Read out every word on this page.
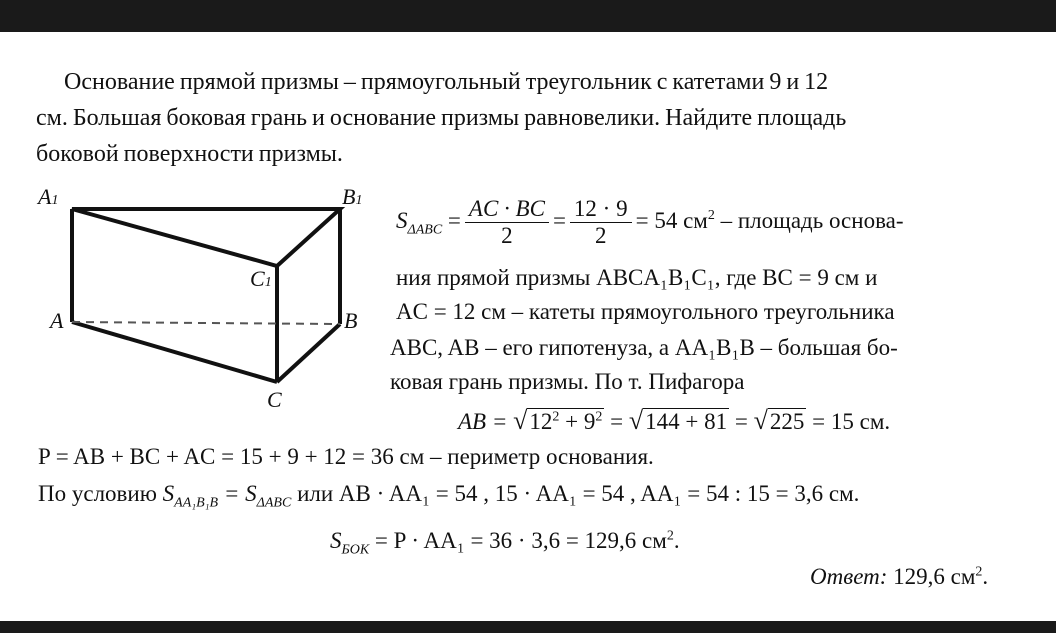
Основание прямой призмы – прямоугольный треугольник с катетами 9 и 12
см. Большая боковая грань и основание призмы равновелики. Найдите площадь
боковой поверхности призмы.
A1	B1
C1
A	B
C
$S_{\Delta ABC} = \frac{AC \cdot BC}{2} = \frac{12 \cdot 9}{2} = 54$ $см^2$ – площадь основа-
ния прямой призмы ABCA₁B₁C₁, где BC = 9 см и
AC = 12 см – катеты прямоугольного треугольника
ABC, AB – его гипотенуза, а AA₁B₁B – большая бо-
ковая грань призмы. По т. Пифагора
AB = $√12^2 + 9^2 = √144 + 81 = √225 = 15$ см.
P = AB + BC + AC = 15 + 9 + 12 = 36 см – периметр основания.
По условию $S_{AA_1B_1B} = S_{\Delta ABC}$ или AB · AA₁ = 54 , 15 · AA₁ = 54 , AA₁ = 54 : 15 = 3,6 см.
$S_{БОК} = P \cdot AA_1 = 36 \cdot 3,6 = 129,6$ $см^2$.
Ответ: 129,6 $см^2$.
